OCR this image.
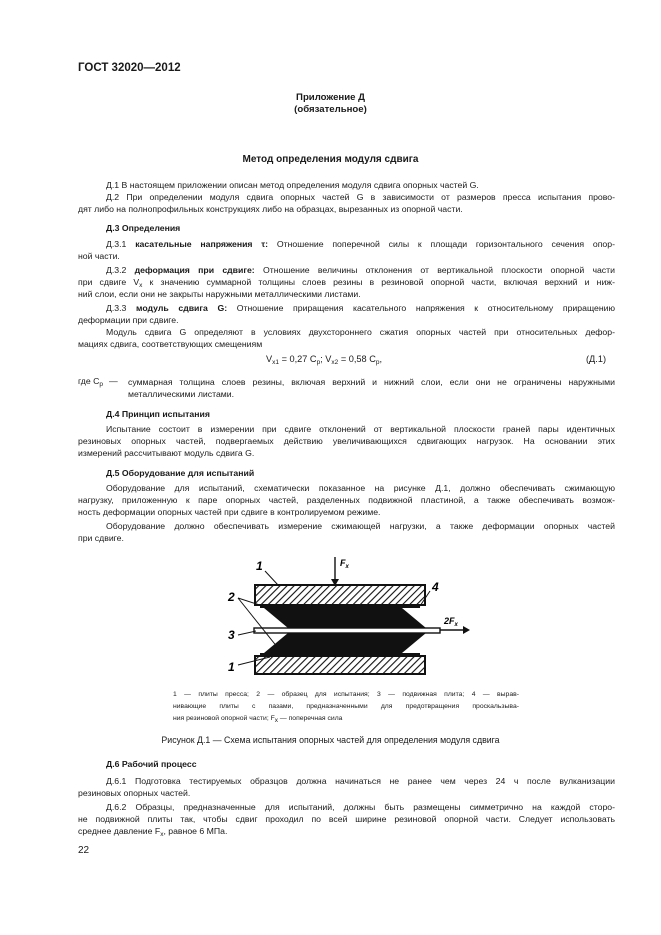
ГОСТ 32020—2012
Приложение Д
(обязательное)
Метод определения модуля сдвига
Д.1 В настоящем приложении описан метод определения модуля сдвига опорных частей G.
Д.2 При определении модуля сдвига опорных частей G в зависимости от размеров пресса испытания прово-
дят либо на полнопрофильных конструкциях либо на образцах, вырезанных из опорной части.
Д.3 Определения
Д.3.1 касательные напряжения τ: Отношение поперечной силы к площади горизонтального сечения опор-
ной части.
Д.3.2 деформация при сдвиге: Отношение величины отклонения от вертикальной плоскости опорной части
при сдвиге $V_x$ к значению суммарной толщины слоев резины в резиновой опорной части, включая верхний и ниж-
ний слои, если они не закрыты наружными металлическими листами.
Д.3.3 модуль сдвига G: Отношение приращения касательного напряжения к относительному приращению
деформации при сдвиге.
Модуль сдвига G определяют в условиях двухстороннего сжатия опорных частей при относительных дефор-
мациях сдвига, соответствующих смещениям
$V_{x1} = 0,27$ $C_p$; $V_{x2} = 0,58$ $C_p$,	(Д.1)
где $C_p$ — суммарная толщина слоев резины, включая верхний и нижний слои, если они не ограничены наружными
металлическими листами.
Д.4 Принцип испытания
Испытание состоит в измерении при сдвиге отклонений от вертикальной плоскости граней пары идентичных
резиновых опорных частей, подвергаемых действию увеличивающихся сдвигающих нагрузок. На основании этих
измерений рассчитывают модуль сдвига G.
Д.5 Оборудование для испытаний
Оборудование для испытаний, схематически показанное на рисунке Д.1, должно обеспечивать сжимающую
нагрузку, приложенную к паре опорных частей, разделенных подвижной пластиной, а также обеспечивать возмож-
ность деформации опорных частей при сдвиге в контролируемом режиме.
Оборудование должно обеспечивать измерение сжимающей нагрузки, а также деформации опорных частей
при сдвиге.
1
2
3
1
4
$F_x$
$2F_x$
1 — плиты пресса; 2 — образец для испытания; 3 — подвижная плита; 4 — вырав-
нивающие плиты с пазами, предназначенными для предотвращения проскальзыва-
ния резиновой опорной части; Fx — поперечная сила
Рисунок Д.1 — Схема испытания опорных частей для определения модуля сдвига
Д.6 Рабочий процесс
Д.6.1 Подготовка тестируемых образцов должна начинаться не ранее чем через 24 ч после вулканизации
резиновых опорных частей.
Д.6.2 Образцы, предназначенные для испытаний, должны быть размещены симметрично на каждой сторо-
не подвижной плиты так, чтобы сдвиг проходил по всей ширине резиновой опорной части. Следует использовать
среднее давление $F_x$, равное 6 МПа.
22
